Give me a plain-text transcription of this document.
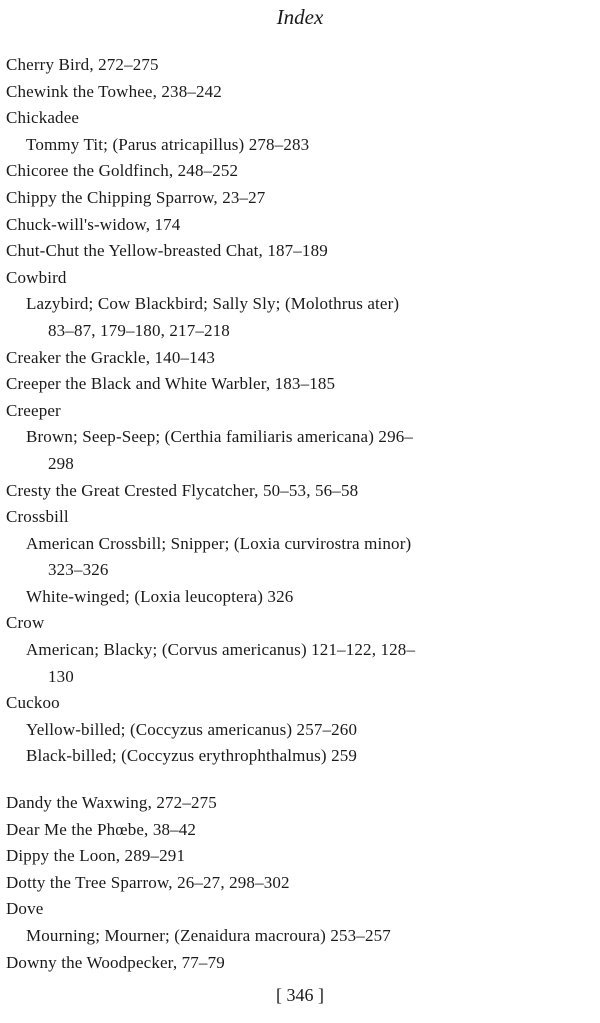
Index
Cherry Bird, 272–275
Chewink the Towhee, 238–242
Chickadee
Tommy Tit; (Parus atricapillus) 278–283
Chicoree the Goldfinch, 248–252
Chippy the Chipping Sparrow, 23–27
Chuck-will's-widow, 174
Chut-Chut the Yellow-breasted Chat, 187–189
Cowbird
Lazybird; Cow Blackbird; Sally Sly; (Molothrus ater)
83–87, 179–180, 217–218
Creaker the Grackle, 140–143
Creeper the Black and White Warbler, 183–185
Creeper
Brown; Seep-Seep; (Certhia familiaris americana) 296–
298
Cresty the Great Crested Flycatcher, 50–53, 56–58
Crossbill
American Crossbill; Snipper; (Loxia curvirostra minor)
323–326
White-winged; (Loxia leucoptera) 326
Crow
American; Blacky; (Corvus americanus) 121–122, 128–
130
Cuckoo
Yellow-billed; (Coccyzus americanus) 257–260
Black-billed; (Coccyzus erythrophthalmus) 259
Dandy the Waxwing, 272–275
Dear Me the Phœbe, 38–42
Dippy the Loon, 289–291
Dotty the Tree Sparrow, 26–27, 298–302
Dove
Mourning; Mourner; (Zenaidura macroura) 253–257
Downy the Woodpecker, 77–79
[ 346 ]
